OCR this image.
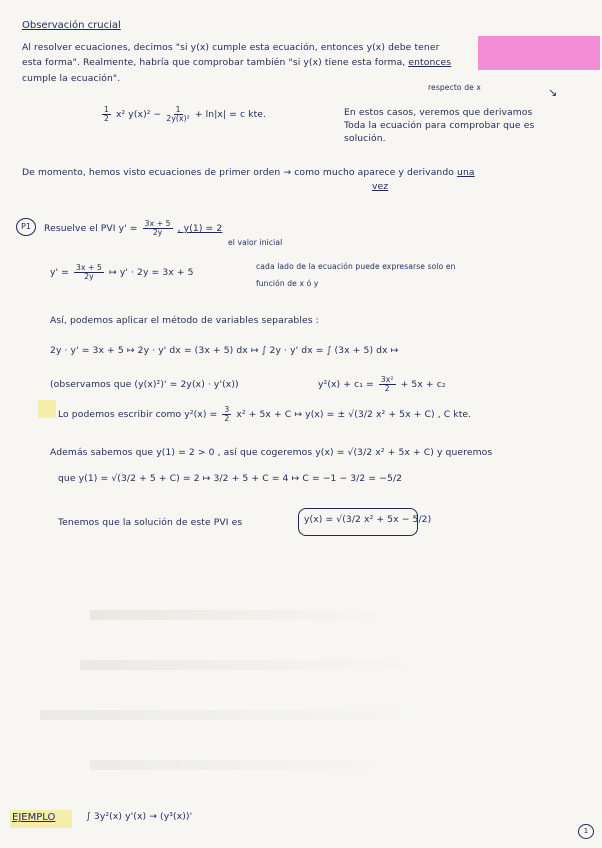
Observación crucial
Al resolver ecuaciones, decimos "si y(x) cumple esta ecuación, entonces y(x) debe tener
esta forma". Realmente, habría que comprobar también "si y(x) tiene esta forma, entonces
cumple la ecuación".
respecto de x	↘
$\frac{1}{2} x^2$ $y(x)^2 - \frac{1}{\text{2y(x)²}} + \ln|x| = c$ kte.	En estos casos, veremos que derivamos
Toda la ecuación para comprobar que es
solución.
De momento, hemos visto ecuaciones de primer orden → como mucho aparece y derivando una
vez
P1	Resuelve el PVI $y' = \frac{3x + 5}{2y}$ , y(1) = 2
el valor inicial
$y' = \frac{3x + 5}{2y}$ ↦ y' · 2y = 3x + 5
cada lado de la ecuación puede expresarse solo en
función de x ó y
Así, podemos aplicar el método de variables separables :
2y · y' = 3x + 5 ↦ 2y · y' dx = (3x + 5) dx ↦ ∫ 2y · y' dx = ∫ (3x + 5) dx ↦
(observamos que (y(x)²)' = 2y(x) · y'(x))	$y^2(x) + c_1 = \frac{\text{3x²}}{2} + 5x + c_2$
Lo podemos escribir como $y^2(x) = \frac{3}{2} x^2 + 5x + C$ ↦ y(x) = ± √(3/2 x² + 5x + C) , C kte.
Además sabemos que y(1) = 2 > 0 , así que cogeremos y(x) = √(3/2 x² + 5x + C) y queremos
que y(1) = √(3/2 + 5 + C) = 2 ↦ 3/2 + 5 + C = 4 ↦ C = −1 − 3/2 = −5/2
Tenemos que la solución de este PVI es	y(x) = √(3/2 x² + 5x − 5/2)
EJEMPLO	∫ 3y²(x) y'(x) → (y³(x))'
1
